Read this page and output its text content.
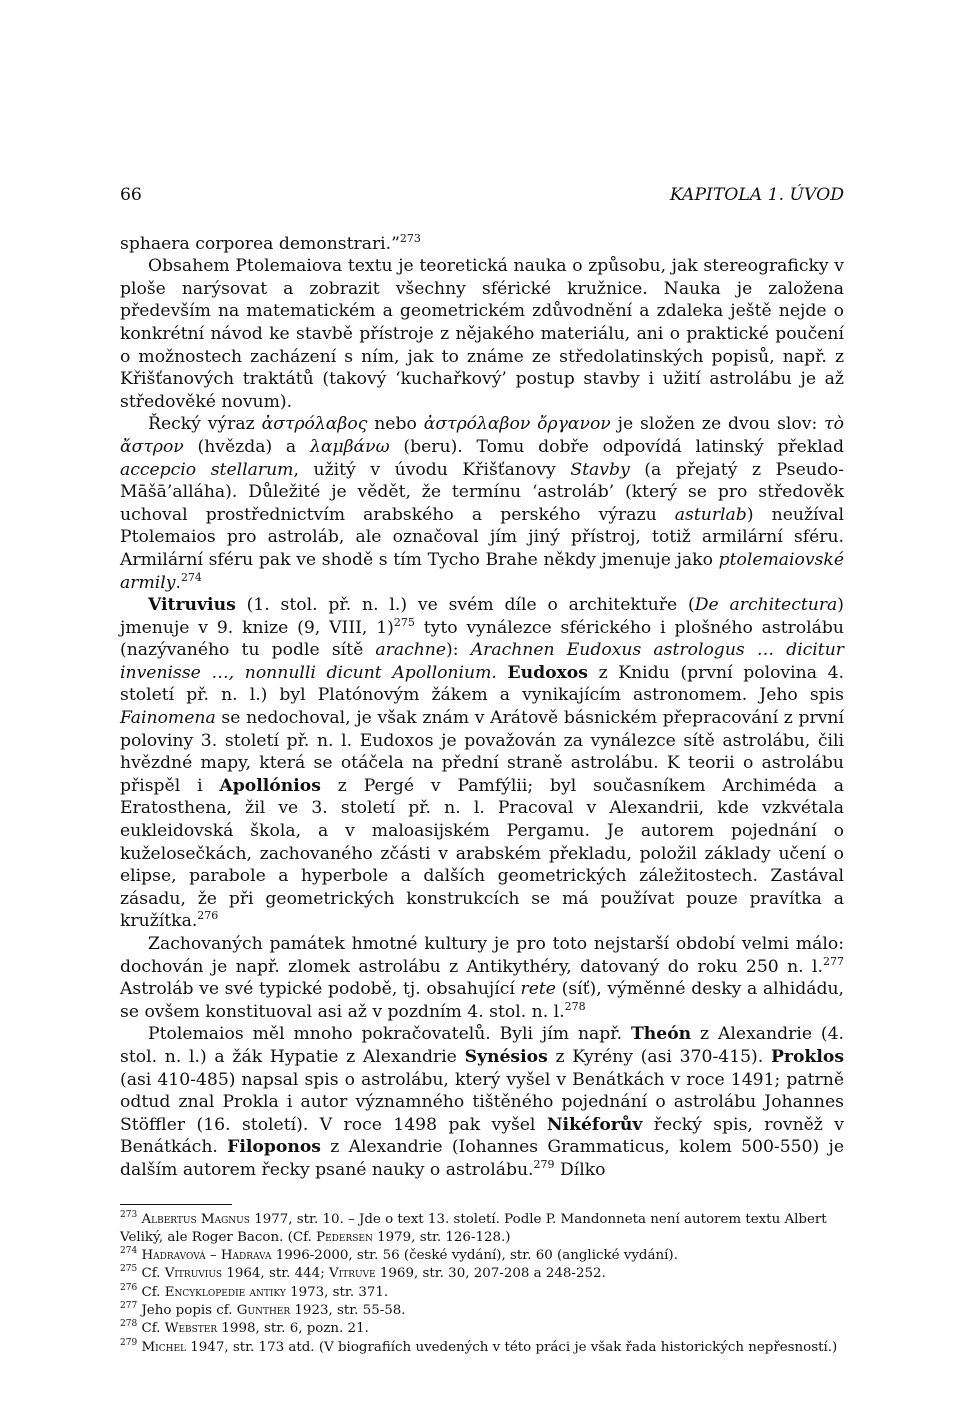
66	KAPITOLA 1. ÚVOD

sphaera corporea demonstrari.”$^{273}$

Obsahem Ptolemaiova textu je teoretická nauka o způsobu, jak stereograficky v ploše narýsovat a zobrazit všechny sférické kružnice. Nauka je založena především na matematickém a geometrickém zdůvodnění a zdaleka ještě nejde o konkrétní návod ke stavbě přístroje z nějakého materiálu, ani o praktické poučení o možnostech zacházení s ním, jak to známe ze středolatinských popisů, např. z Křišťanových traktátů (takový ‘kuchařkový’ postup stavby i užití astrolábu je až středověké novum).

Řecký výraz ἀστρόλαβος nebo ἀστρόλαβον ὄργανον je složen ze dvou slov: τὸ ἄστρον (hvězda) a λαμβάνω (beru). Tomu dobře odpovídá latinský překlad accepcio stellarum, užitý v úvodu Křišťanovy Stavby (a přejatý z Pseudo-Māšā’alláha). Důležité je vědět, že termínu ‘astroláb’ (který se pro středověk uchoval prostřednictvím arabského a perského výrazu asturlab) neužíval Ptolemaios pro astroláb, ale označoval jím jiný přístroj, totiž armilární sféru. Armilární sféru pak ve shodě s tím Tycho Brahe někdy jmenuje jako ptolemaiovské armily.$^{274}$

Vitruvius (1. stol. př. n. l.) ve svém díle o architektuře (De architectura) jmenuje v 9. knize (9, VIII, 1)$^{275}$ tyto vynálezce sférického i plošného astrolábu (nazývaného tu podle sítě arachne): Arachnen Eudoxus astrologus … dicitur invenisse …, nonnulli dicunt Apollonium. Eudoxos z Knidu (první polovina 4. století př. n. l.) byl Platónovým žákem a vynikajícím astronomem. Jeho spis Fainomena se nedochoval, je však znám v Arátově básnickém přepracování z první poloviny 3. století př. n. l. Eudoxos je považován za vynálezce sítě astrolábu, čili hvězdné mapy, která se otáčela na přední straně astrolábu. K teorii o astrolábu přispěl i Apollónios z Pergé v Pamfýlii; byl současníkem Archiméda a Eratosthena, žil ve 3. století př. n. l. Pracoval v Alexandrii, kde vzkvétala eukleidovská škola, a v maloasijském Pergamu. Je autorem pojednání o kuželosečkách, zachovaného zčásti v arabském překladu, položil základy učení o elipse, parabole a hyperbole a dalších geometrických záležitostech. Zastával zásadu, že při geometrických konstrukcích se má používat pouze pravítka a kružítka.$^{276}$

Zachovaných památek hmotné kultury je pro toto nejstarší období velmi málo: dochován je např. zlomek astrolábu z Antikythéry, datovaný do roku 250 n. l.$^{277}$ Astroláb ve své typické podobě, tj. obsahující rete (síť), výměnné desky a alhidádu, se ovšem konstituoval asi až v pozdním 4. stol. n. l.$^{278}$

Ptolemaios měl mnoho pokračovatelů. Byli jím např. Theón z Alexandrie (4. stol. n. l.) a žák Hypatie z Alexandrie Synésios z Kyrény (asi 370-415). Proklos (asi 410-485) napsal spis o astrolábu, který vyšel v Benátkách v roce 1491; patrně odtud znal Prokla i autor významného tištěného pojednání o astrolábu Johannes Stöffler (16. století). V roce 1498 pak vyšel Nikéforův řecký spis, rovněž v Benátkách. Filoponos z Alexandrie (Iohannes Grammaticus, kolem 500-550) je dalším autorem řecky psané nauky o astrolábu.$^{279}$ Dílko

$^{273}$ Albertus Magnus 1977, str. 10. – Jde o text 13. století. Podle P. Mandonneta není autorem textu Albert Veliký, ale Roger Bacon. (Cf. Pedersen 1979, str. 126-128.)
$^{274}$ Hadravová – Hadrava 1996-2000, str. 56 (české vydání), str. 60 (anglické vydání).
$^{275}$ Cf. Vitruvius 1964, str. 444; Vitruve 1969, str. 30, 207-208 a 248-252.
$^{276}$ Cf. Encyklopedie antiky 1973, str. 371.
$^{277}$ Jeho popis cf. Gunther 1923, str. 55-58.
$^{278}$ Cf. Webster 1998, str. 6, pozn. 21.
$^{279}$ Michel 1947, str. 173 atd. (V biografiích uvedených v této práci je však řada historických nepřesností.)
